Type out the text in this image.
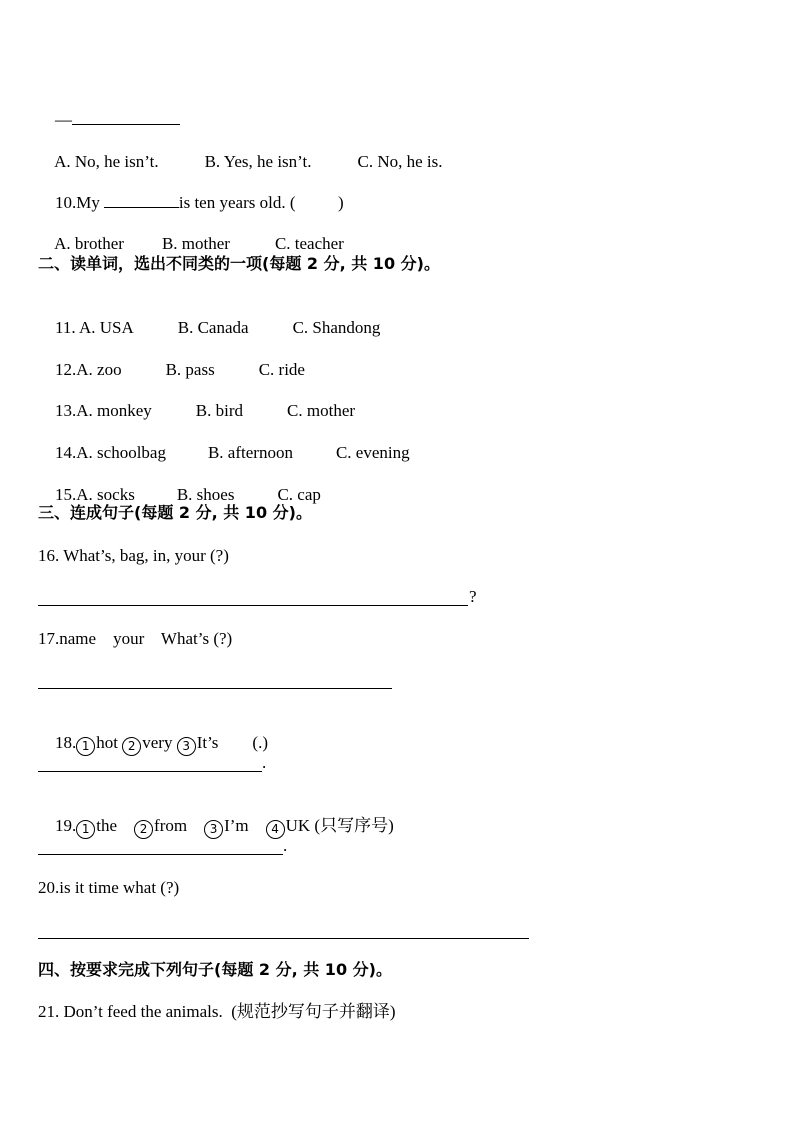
—

A. No, he isn’t.	B. Yes, he isn’t.	C. No, he is.

10.My	is ten years old. (          )

A. brother B. mother	C. teacher

二、读单词，选出不同类的一项(每题 2 分, 共 10 分)。

11. A. USA	B. Canada	C. Shandong

12.A. zoo	B. pass	C. ride

13.A. monkey	B. bird	C. mother

14.A. schoolbag B. afternoon	C. evening

15.A. socks B. shoes	C. cap

三、连成句子(每题 2 分, 共 10 分)。
16. What’s, bag, in, your (?)
?
17.name    your    What’s (?)

18. 1 hot 2 very 3 It’s        (.)

.

19. 1 the    2 from    3 I’m    4 UK (只写序号)

.
20.is it time what (?)
四、按要求完成下列句子(每题 2 分, 共 10 分)。
21. Don’t feed the animals.  (规范抄写句子并翻译)
